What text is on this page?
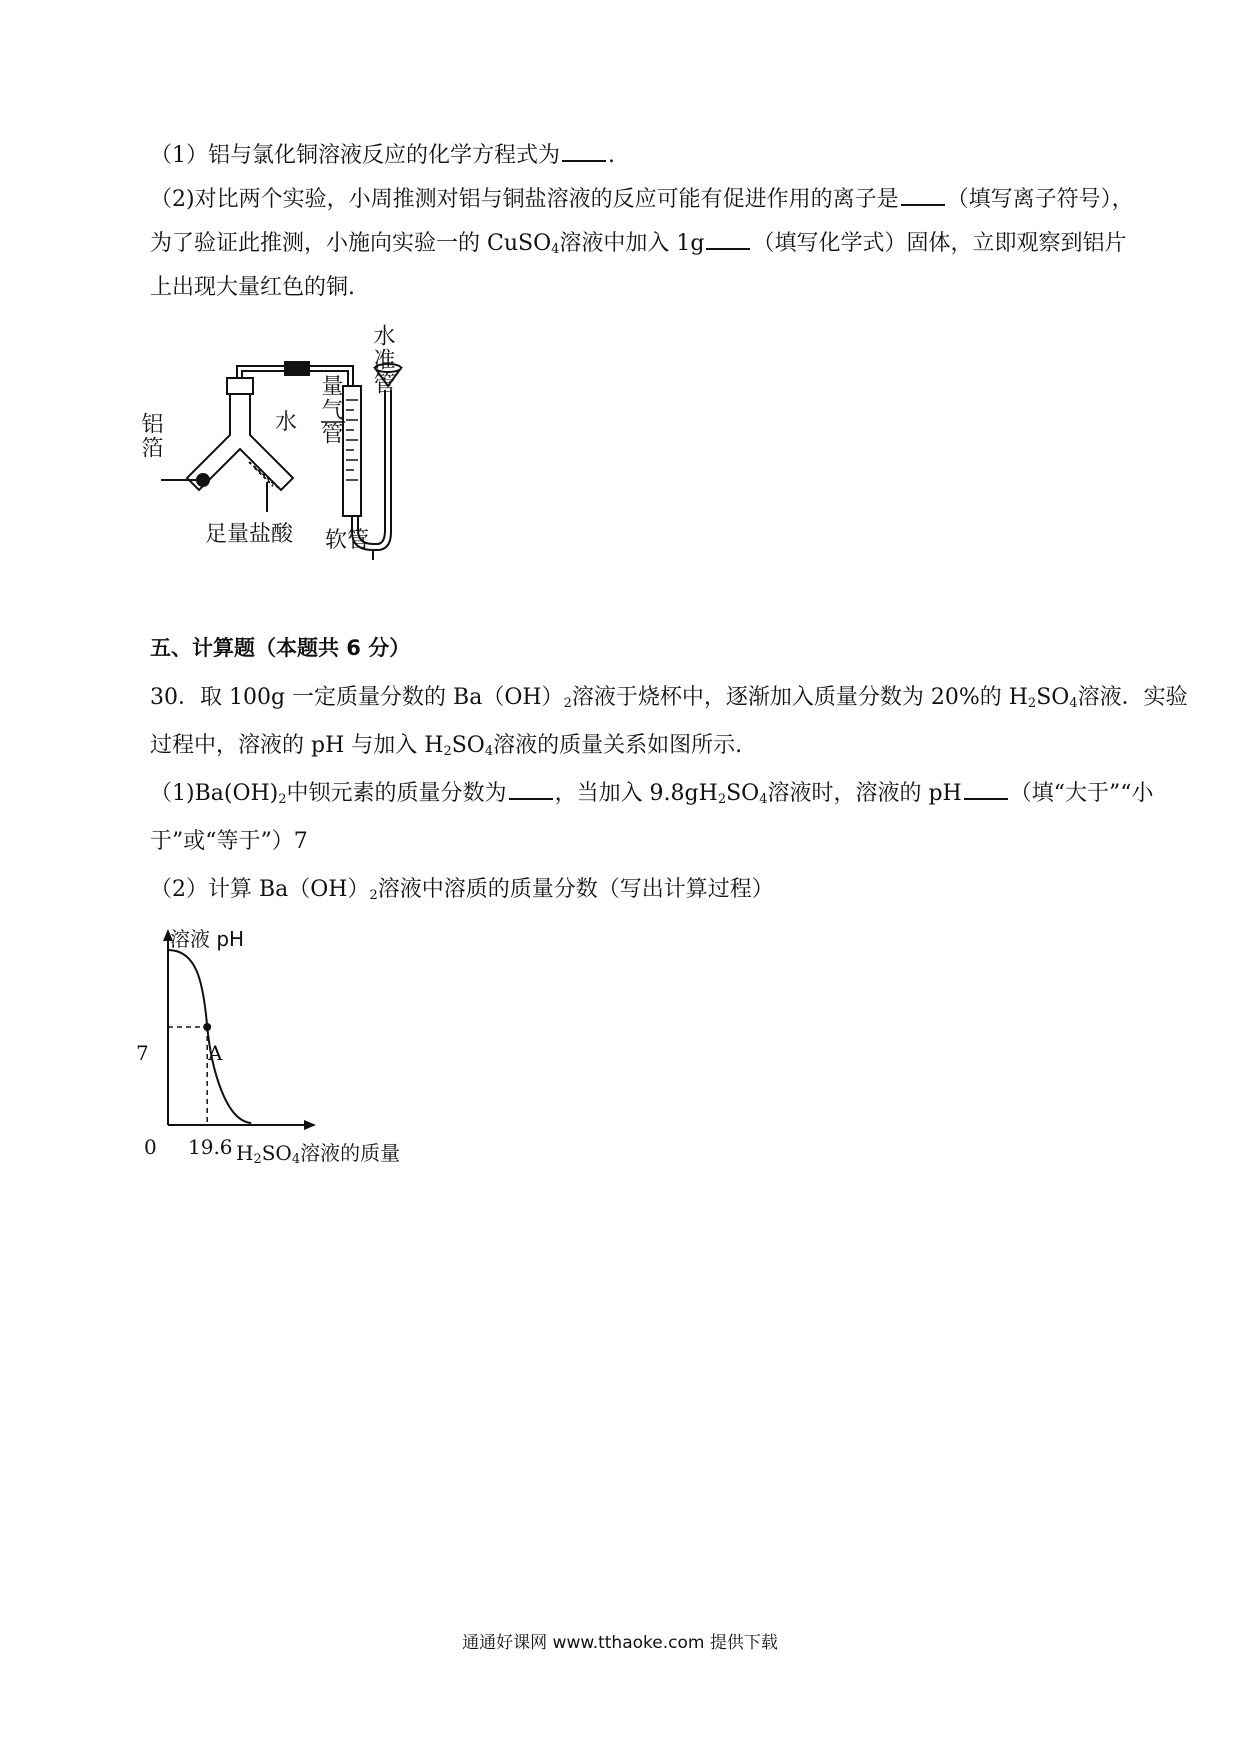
（1）铝与氯化铜溶液反应的化学方程式为 .
（2)对比两个实验，小周推测对铝与铜盐溶液的反应可能有促进作用的离子是 （填写离子符号），
为了验证此推测，小施向实验一的 CuSO$_4$溶液中加入 1g （填写化学式）固体，立即观察到铝片
上出现大量红色的铜.
铝箔
足量盐酸
水 量气管
水准管
软管
五、计算题（本题共 6 分）
30．取 100g 一定质量分数的 $Ba(OH)_2$溶液于烧杯中，逐渐加入质量分数为 20%的 $H_2SO_4$溶液．实验
过程中，溶液的 pH 与加入 $H_2SO_4$溶液的质量关系如图所示.
$(1)Ba(OH)_2$中钡元素的质量分数为 ，当加入 $9.8gH_2SO_4$溶液时，溶液的 pH （填“大于”“小
于”或“等于”）7
（2）计算 $Ba(OH)_2$溶液中溶质的质量分数（写出计算过程）
溶液 pH
7	A
0 19.6 $H_2SO_4$溶液的质量
通通好课网 www.tthaoke.com 提供下载
